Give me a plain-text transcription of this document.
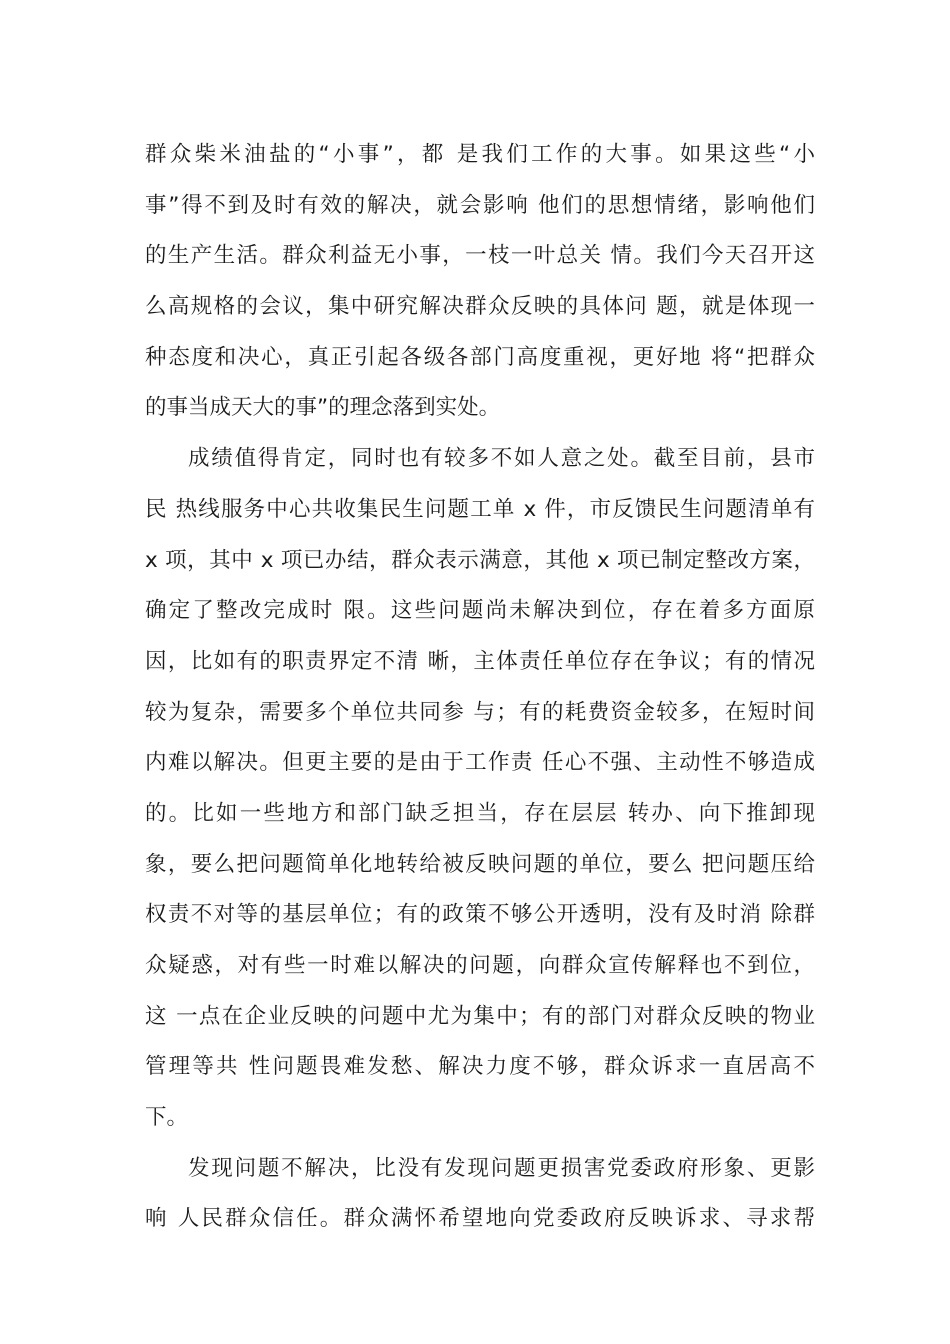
群众柴米油盐的“小事”，都 是我们工作的大事。如果这些“小
事”得不到及时有效的解决，就会影响 他们的思想情绪，影响他们
的生产生活。群众利益无小事，一枝一叶总关 情。我们今天召开这
么高规格的会议，集中研究解决群众反映的具体问 题，就是体现一
种态度和决心，真正引起各级各部门高度重视，更好地 将“把群众
的事当成天大的事”的理念落到实处。
成绩值得肯定，同时也有较多不如人意之处。截至目前，县市
民 热线服务中心共收集民生问题工单 x 件，市反馈民生问题清单有
x 项，其中 x 项已办结，群众表示满意，其他 x 项已制定整改方案，
确定了整改完成时 限。这些问题尚未解决到位，存在着多方面原
因，比如有的职责界定不清 晰，主体责任单位存在争议；有的情况
较为复杂，需要多个单位共同参 与；有的耗费资金较多，在短时间
内难以解决。但更主要的是由于工作责 任心不强、主动性不够造成
的。比如一些地方和部门缺乏担当，存在层层 转办、向下推卸现
象，要么把问题简单化地转给被反映问题的单位，要么 把问题压给
权责不对等的基层单位；有的政策不够公开透明，没有及时消 除群
众疑惑，对有些一时难以解决的问题，向群众宣传解释也不到位，
这 一点在企业反映的问题中尤为集中；有的部门对群众反映的物业
管理等共 性问题畏难发愁、解决力度不够，群众诉求一直居高不
下。
发现问题不解决，比没有发现问题更损害党委政府形象、更影
响 人民群众信任。群众满怀希望地向党委政府反映诉求、寻求帮
